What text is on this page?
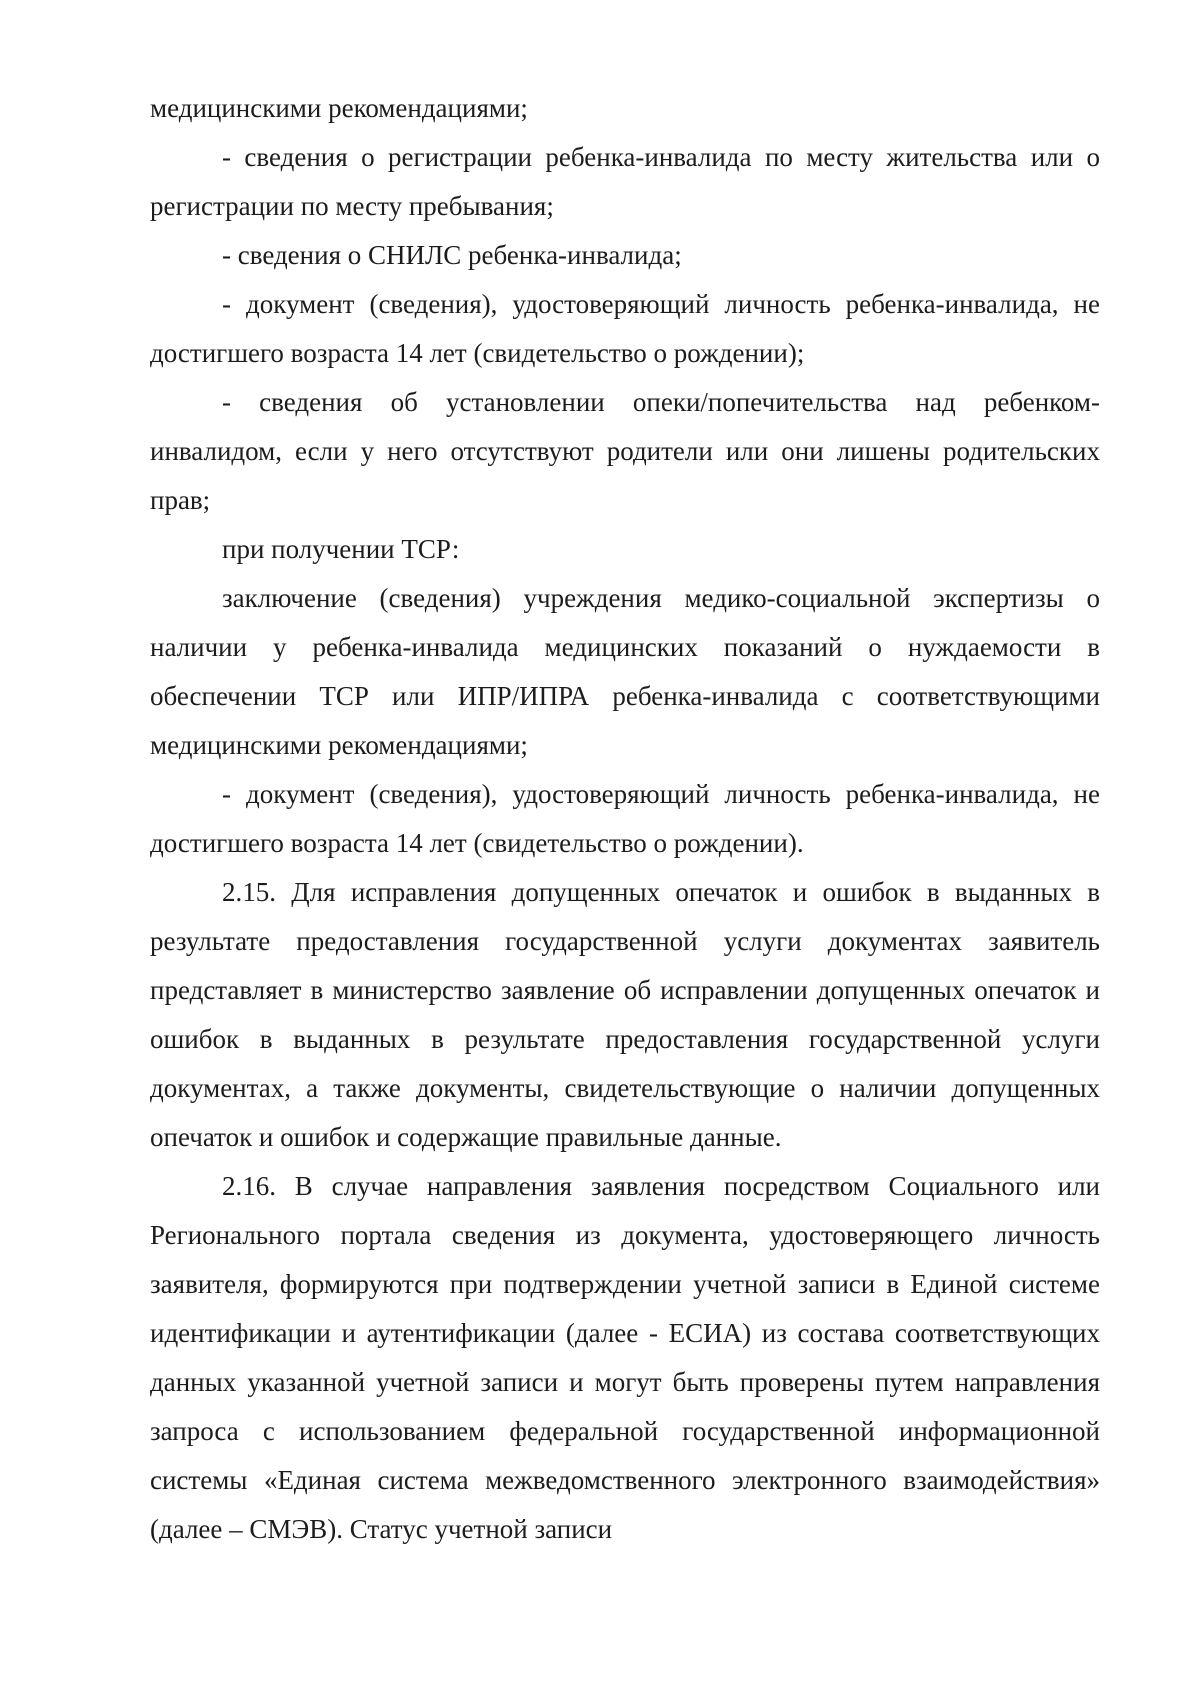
медицинскими рекомендациями;

- сведения о регистрации ребенка-инвалида по месту жительства или о регистрации по месту пребывания;

- сведения о СНИЛС ребенка-инвалида;

- документ (сведения), удостоверяющий личность ребенка-инвалида, не достигшего возраста 14 лет (свидетельство о рождении);

- сведения об установлении опеки/попечительства над ребенком-инвалидом, если у него отсутствуют родители или они лишены родительских прав;

при получении ТСР:

заключение (сведения) учреждения медико-социальной экспертизы о наличии у ребенка-инвалида медицинских показаний о нуждаемости в обеспечении ТСР или ИПР/ИПРА ребенка-инвалида с соответствующими медицинскими рекомендациями;

- документ (сведения), удостоверяющий личность ребенка-инвалида, не достигшего возраста 14 лет (свидетельство о рождении).

2.15. Для исправления допущенных опечаток и ошибок в выданных в результате предоставления государственной услуги документах заявитель представляет в министерство заявление об исправлении допущенных опечаток и ошибок в выданных в результате предоставления государственной услуги документах, а также документы, свидетельствующие о наличии допущенных опечаток и ошибок и содержащие правильные данные.

2.16. В случае направления заявления посредством Социального или Регионального портала сведения из документа, удостоверяющего личность заявителя, формируются при подтверждении учетной записи в Единой системе идентификации и аутентификации (далее - ЕСИА) из состава соответствующих данных указанной учетной записи и могут быть проверены путем направления запроса с использованием федеральной государственной информационной системы «Единая система межведомственного электронного взаимодействия» (далее – СМЭВ). Статус учетной записи
